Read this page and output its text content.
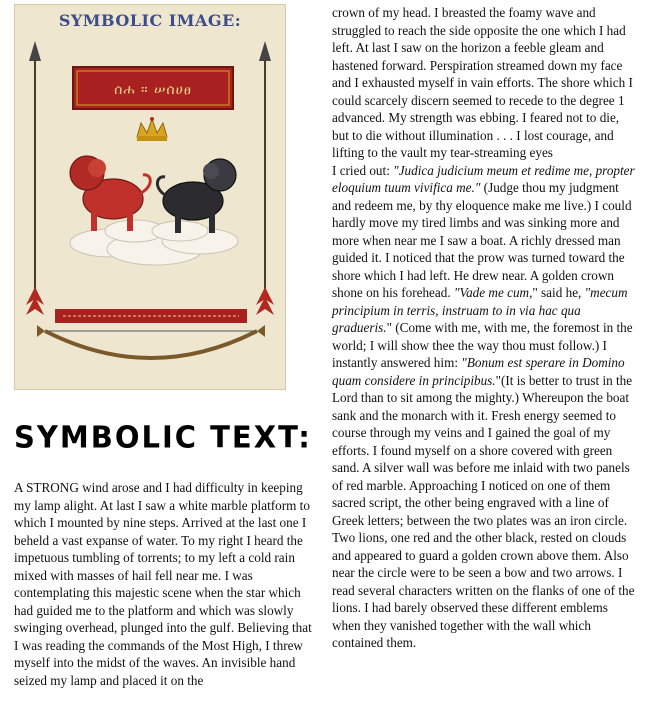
SYMBOLIC IMAGE:
ሰሐ ። ሠሰሀፀ
SYMBOLIC TEXT:

A STRONG wind arose and I had difficulty in keeping my lamp alight. At last I saw a white marble platform to which I mounted by nine steps. Arrived at the last one I beheld a vast expanse of water. To my right I heard the impetuous tumbling of torrents; to my left a cold rain mixed with masses of hail fell near me. I was contemplating this majestic scene when the star which had guided me to the platform and which was slowly swinging overhead, plunged into the gulf. Believing that I was reading the commands of the Most High, I threw myself into the midst of the waves. An invisible hand seized my lamp and placed it on the

crown of my head. I breasted the foamy wave and struggled to reach the side opposite the one which I had left. At last I saw on the horizon a feeble gleam and hastened forward. Perspiration streamed down my face and I exhausted myself in vain efforts. The shore which I could scarcely discern seemed to recede to the degree 1 advanced. My strength was ebbing. I feared not to die, but to die without illumination . . . I lost courage, and lifting to the vault my tear-streaming eyes

I cried out: "Judica judicium meum et redime me, propter eloquium tuum vivifica me." (Judge thou my judgment and redeem me, by thy eloquence make me live.) I could hardly move my tired limbs and was sinking more and more when near me I saw a boat. A richly dressed man guided it. I noticed that the prow was turned toward the shore which I had left. He drew near. A golden crown shone on his forehead. "Vade me cum," said he, "mecum principium in terris, instruam to in via hac qua gradueris." (Come with me, with me, the foremost in the world; I will show thee the way thou must follow.) I instantly answered him: "Bonum est sperare in Domino quam considere in principibus."(It is better to trust in the Lord than to sit among the mighty.) Whereupon the boat sank and the monarch with it. Fresh energy seemed to course through my veins and I gained the goal of my efforts. I found myself on a shore covered with green sand. A silver wall was before me inlaid with two panels of red marble. Approaching I noticed on one of them sacred script, the other being engraved with a line of Greek letters; between the two plates was an iron circle. Two lions, one red and the other black, rested on clouds and appeared to guard a golden crown above them. Also near the circle were to be seen a bow and two arrows. I read several characters written on the flanks of one of the lions. I had barely observed these different emblems when they vanished together with the wall which contained them.
